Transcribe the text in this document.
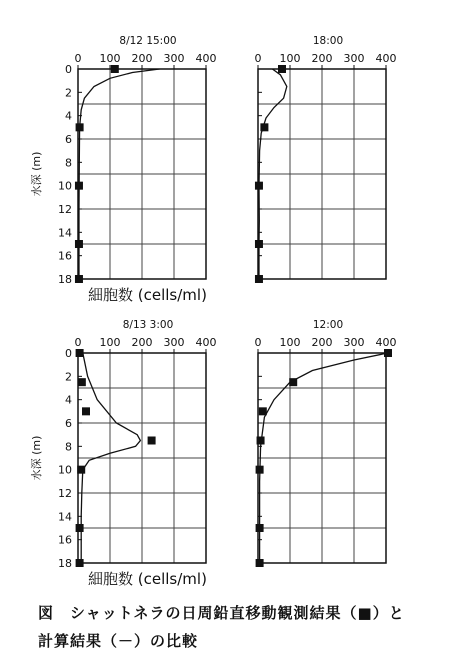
0 100 200 300 400
0
2
4
6
8
10
12
14
16
18
8/12 15:00
水深 (m)
細胞数 (cells/ml)
0 100 200 300 400
18:00
0 100 200 300 400
0
2
4
6
8
10
12
14
16
18
8/13 3:00
水深 (m)
細胞数 (cells/ml)
0 100 200 300 400
12:00
図　シャットネラの日周鉛直移動観測結果（■）と
計算結果（－）の比較
